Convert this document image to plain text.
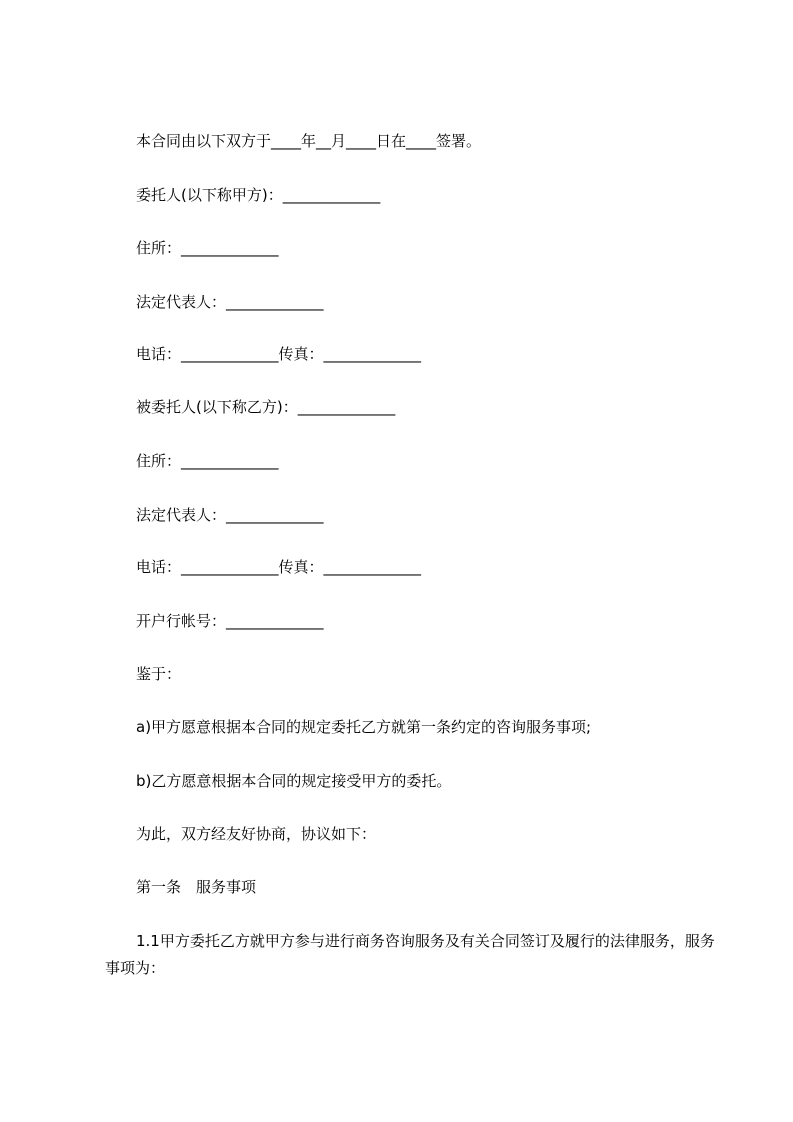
本合同由以下双方于____年__月____日在____签署。
委托人(以下称甲方)：_____________
住所：_____________
法定代表人：_____________
电话：_____________传真：_____________
被委托人(以下称乙方)：_____________
住所：_____________
法定代表人：_____________
电话：_____________传真：_____________
开户行帐号：_____________
鉴于：
a)甲方愿意根据本合同的规定委托乙方就第一条约定的咨询服务事项;
b)乙方愿意根据本合同的规定接受甲方的委托。
为此，双方经友好协商，协议如下：
第一条　服务事项
1.1甲方委托乙方就甲方参与进行商务咨询服务及有关合同签订及履行的法律服务，服务事项为：
